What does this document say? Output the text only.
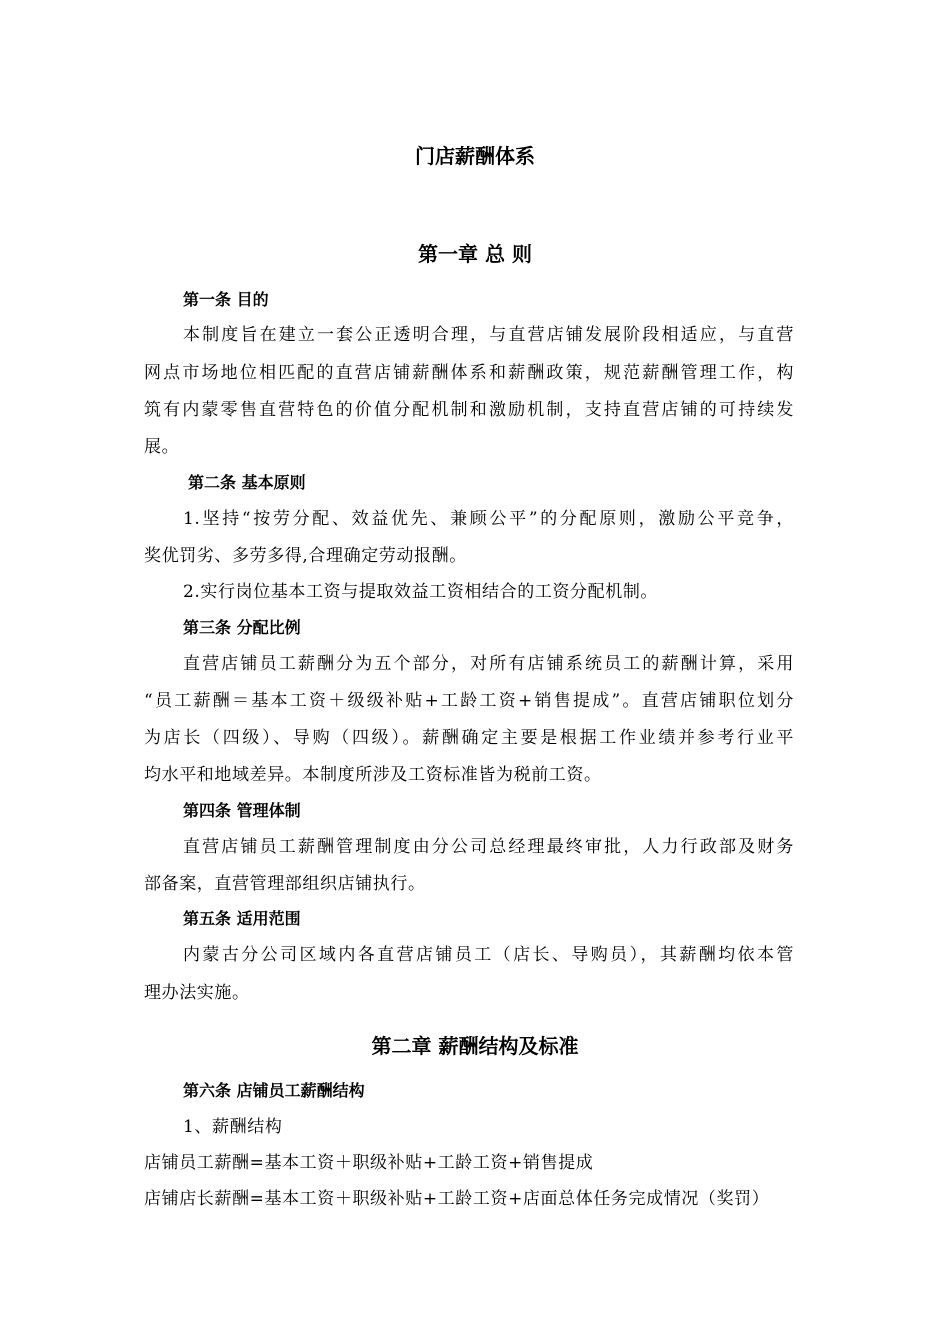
门店薪酬体系
第一章 总 则
第一条 目的
本制度旨在建立一套公正透明合理，与直营店铺发展阶段相适应，与直营
网点市场地位相匹配的直营店铺薪酬体系和薪酬政策，规范薪酬管理工作，构
筑有内蒙零售直营特色的价值分配机制和激励机制，支持直营店铺的可持续发
展。
第二条 基本原则
1.坚持“按劳分配、效益优先、兼顾公平”的分配原则，激励公平竞争，
奖优罚劣、多劳多得,合理确定劳动报酬。
2.实行岗位基本工资与提取效益工资相结合的工资分配机制。
第三条 分配比例
直营店铺员工薪酬分为五个部分，对所有店铺系统员工的薪酬计算，采用
“员工薪酬＝基本工资＋级级补贴+工龄工资+销售提成”。直营店铺职位划分
为店长（四级）、导购（四级）。薪酬确定主要是根据工作业绩并参考行业平
均水平和地域差异。本制度所涉及工资标准皆为税前工资。
第四条 管理体制
直营店铺员工薪酬管理制度由分公司总经理最终审批，人力行政部及财务
部备案，直营管理部组织店铺执行。
第五条 适用范围
内蒙古分公司区域内各直营店铺员工（店长、导购员），其薪酬均依本管
理办法实施。
第二章 薪酬结构及标准
第六条 店铺员工薪酬结构
1、薪酬结构
店铺员工薪酬=基本工资＋职级补贴+工龄工资+销售提成
店铺店长薪酬=基本工资＋职级补贴+工龄工资+店面总体任务完成情况（奖罚）
